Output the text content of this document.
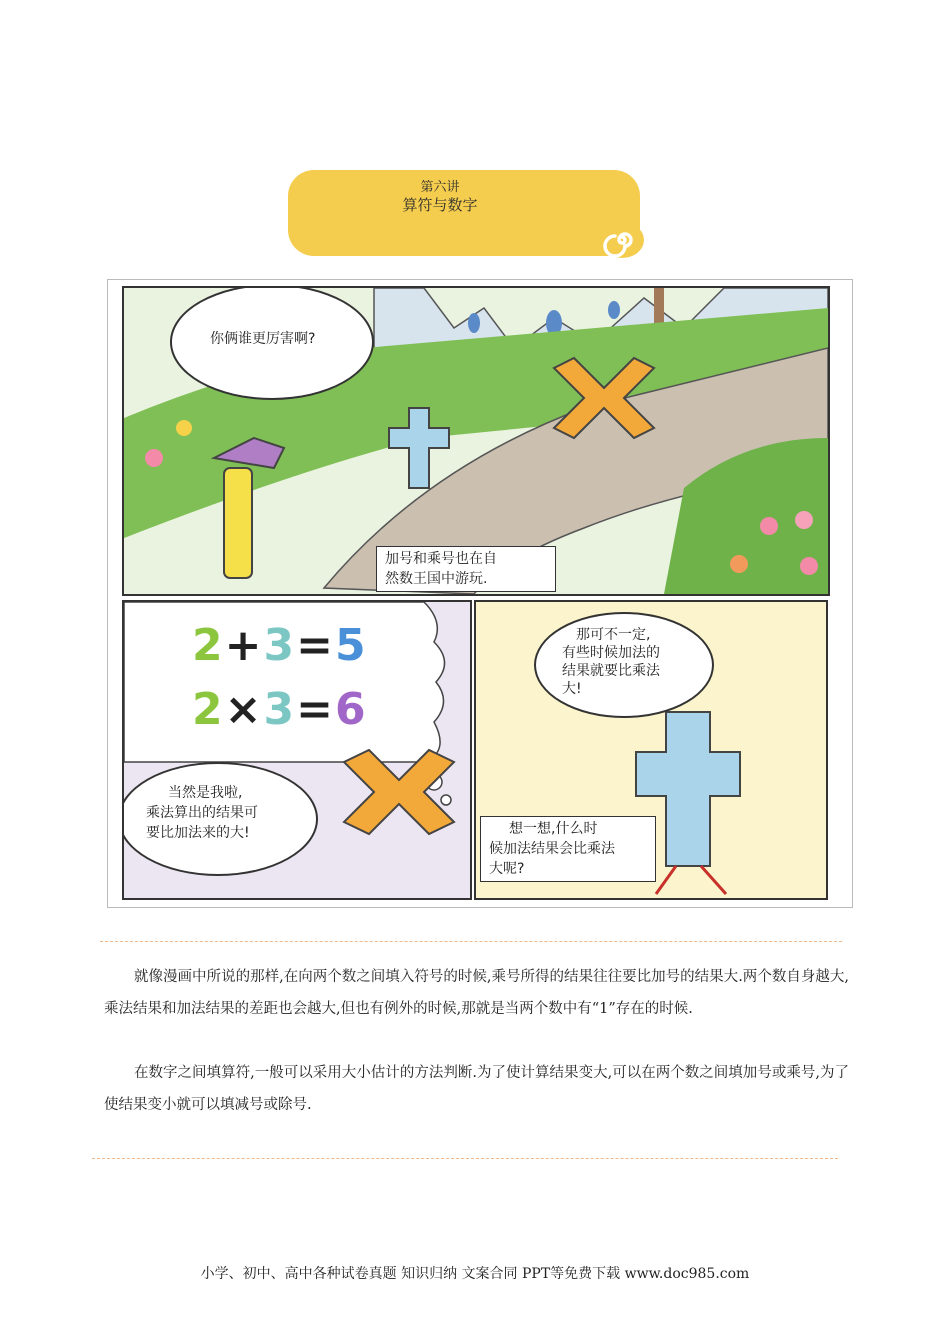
第六讲
算符与数字
你俩谁更厉害啊?
加号和乘号也在自
然数王国中游玩.
2+3=5
2×3=6
当然是我啦,
乘法算出的结果可
要比加法来的大!
那可不一定,
有些时候加法的
结果就要比乘法
大!
想一想,什么时
候加法结果会比乘法
大呢?
就像漫画中所说的那样,在向两个数之间填入符号的时候,乘号所得的结果往往要比加号的结果大.两个数自身越大,乘法结果和加法结果的差距也会越大,但也有例外的时候,那就是当两个数中有“1”存在的时候.
在数字之间填算符,一般可以采用大小估计的方法判断.为了使计算结果变大,可以在两个数之间填加号或乘号,为了使结果变小就可以填减号或除号.
小学、初中、高中各种试卷真题 知识归纳 文案合同 PPT等免费下载 www.doc985.com
